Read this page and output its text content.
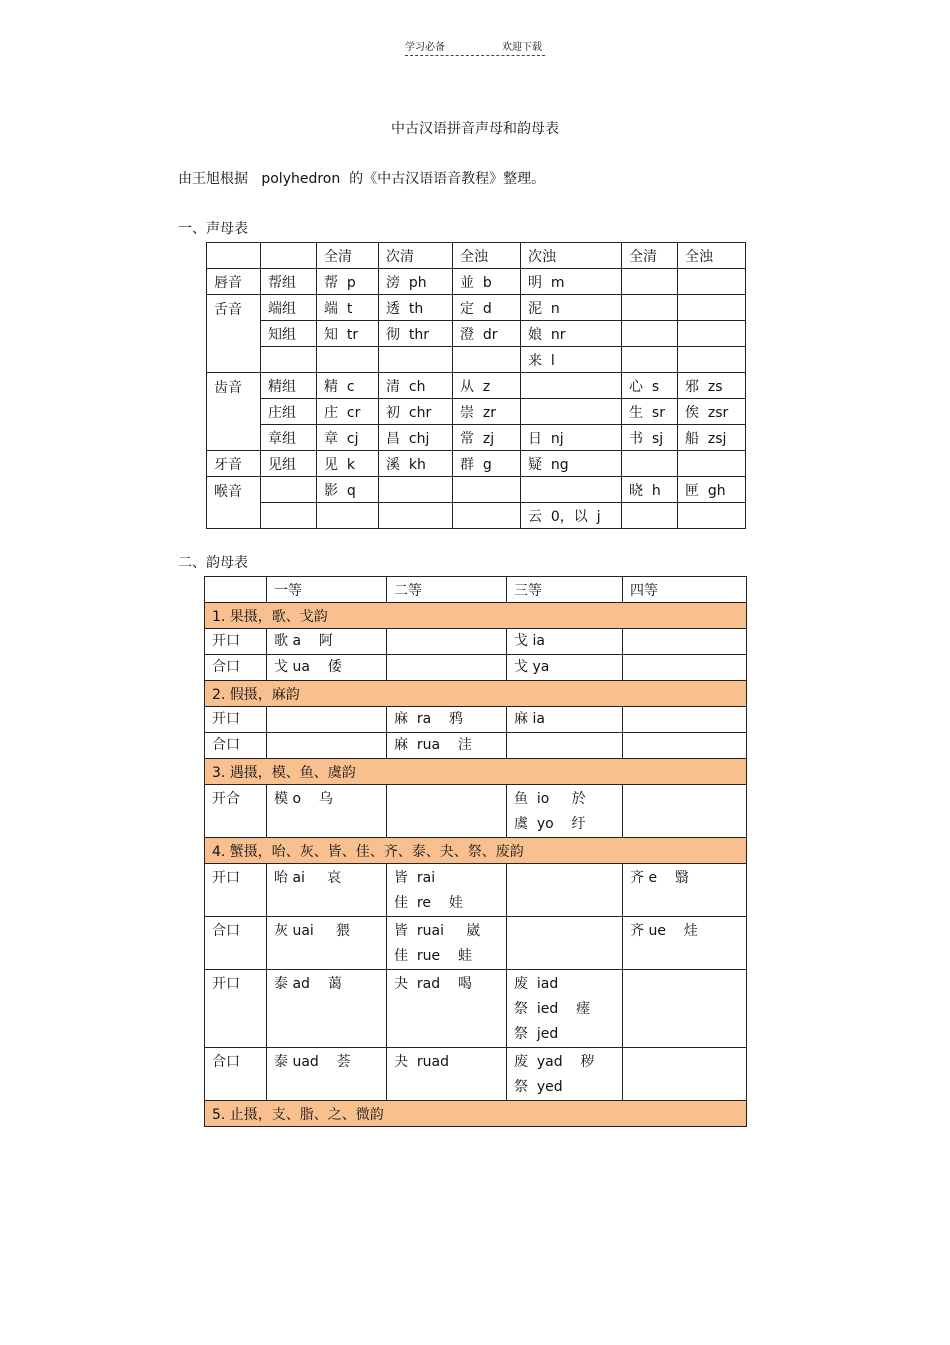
学习必备	欢迎下载
中古汉语拼音声母和韵母表
由王旭根据   polyhedron  的《中古汉语语音教程》整理。
一、声母表
		全清	次清	全浊	次浊	全清	全浊
唇音	帮组	帮  p	滂  ph	並  b	明  m		
舌音	端组	端  t	透  th	定  d	泥  n		
	知组	知  tr	彻  thr	澄  dr	娘  nr		
					来  l		
齿音	精组	精  c	清  ch	从  z		心  s	邪  zs
	庄组	庄  cr	初  chr	崇  zr		生  sr	俟  zsr
	章组	章  cj	昌  chj	常  zj	日  nj	书  sj	船  zsj
牙音	见组	见  k	溪  kh	群  g	疑  ng		
喉音		影  q				晓  h	匣  gh
					云  0，以  j		
二、韵母表
	一等	二等	三等	四等
1. 果摄，歌、戈韵				

开口	歌 a    阿		戈 ia	

合口	戈 ua    倭		戈 ya	

2. 假摄，麻韵				

开口		麻  ra    鸦	麻 ia	

合口		麻  rua    洼		

3. 遇摄，模、鱼、虞韵				

开合	模 o    乌		鱼  io     於
虞  yo    纡	

4. 蟹摄，咍、灰、皆、佳、齐、泰、夬、祭、废韵				

开口	咍 ai     哀	皆  rai
佳  re    娃		齐 e    翳

合口	灰 uai     猥	皆  ruai     崴
佳  rue    蛙		齐 ue    烓

开口	泰 ad    蔼	夬  rad    喝	废  iad
祭  ied    瘗
祭  jed	

合口	泰 uad    荟	夬  ruad	废  yad    秽
祭  yed	

5. 止摄，支、脂、之、微韵				
